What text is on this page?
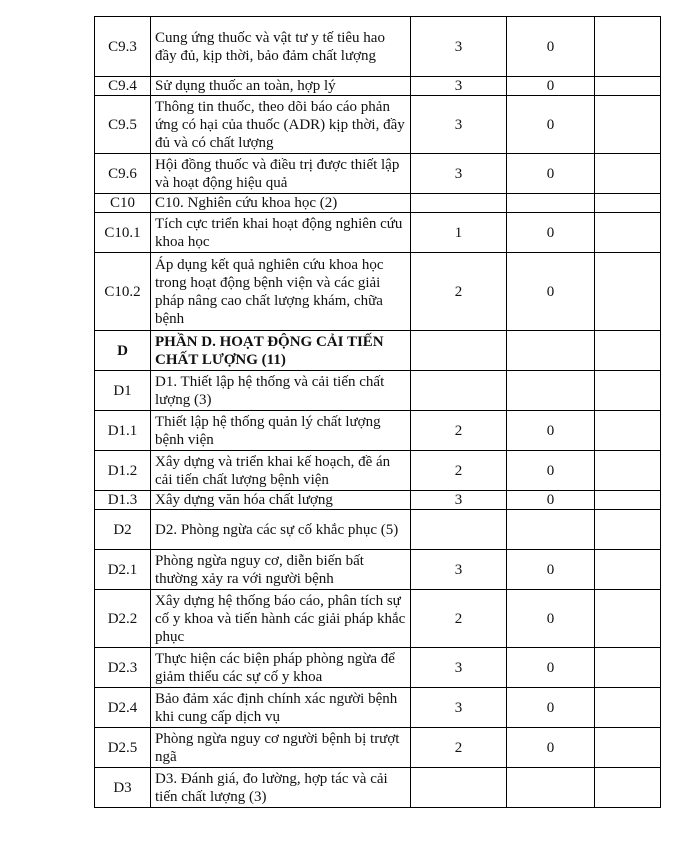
C9.3	Cung ứng thuốc và vật tư y tế tiêu hao đầy đủ, kịp thời, bảo đảm chất lượng	3	0	
C9.4	Sử dụng thuốc an toàn, hợp lý	3	0	
C9.5	Thông tin thuốc, theo dõi báo cáo phản ứng có hại của thuốc (ADR) kịp thời, đầy đủ và có chất lượng	3	0	
C9.6	Hội đồng thuốc và điều trị được thiết lập và hoạt động hiệu quả	3	0	
C10	C10. Nghiên cứu khoa học (2)			
C10.1	Tích cực triển khai hoạt động nghiên cứu khoa học	1	0	
C10.2	Áp dụng kết quả nghiên cứu khoa học trong hoạt động bệnh viện và các giải pháp nâng cao chất lượng khám, chữa bệnh	2	0	
D	PHẦN D. HOẠT ĐỘNG CẢI TIẾN CHẤT LƯỢNG (11)			
D1	D1. Thiết lập hệ thống và cải tiến chất lượng (3)			
D1.1	Thiết lập hệ thống quản lý chất lượng bệnh viện	2	0	
D1.2	Xây dựng và triển khai kế hoạch, đề án cải tiến chất lượng bệnh viện	2	0	
D1.3	Xây dựng văn hóa chất lượng	3	0	
D2	D2. Phòng ngừa các sự cố khắc phục (5)			
D2.1	Phòng ngừa nguy cơ, diễn biến bất thường xảy ra với người bệnh	3	0	
D2.2	Xây dựng hệ thống báo cáo, phân tích sự cố y khoa và tiến hành các giải pháp khắc phục	2	0	
D2.3	Thực hiện các biện pháp phòng ngừa để giảm thiểu các sự cố y khoa	3	0	
D2.4	Bảo đảm xác định chính xác người bệnh khi cung cấp dịch vụ	3	0	
D2.5	Phòng ngừa nguy cơ người bệnh bị trượt ngã	2	0	
D3	D3. Đánh giá, đo lường, hợp tác và cải tiến chất lượng (3)			
